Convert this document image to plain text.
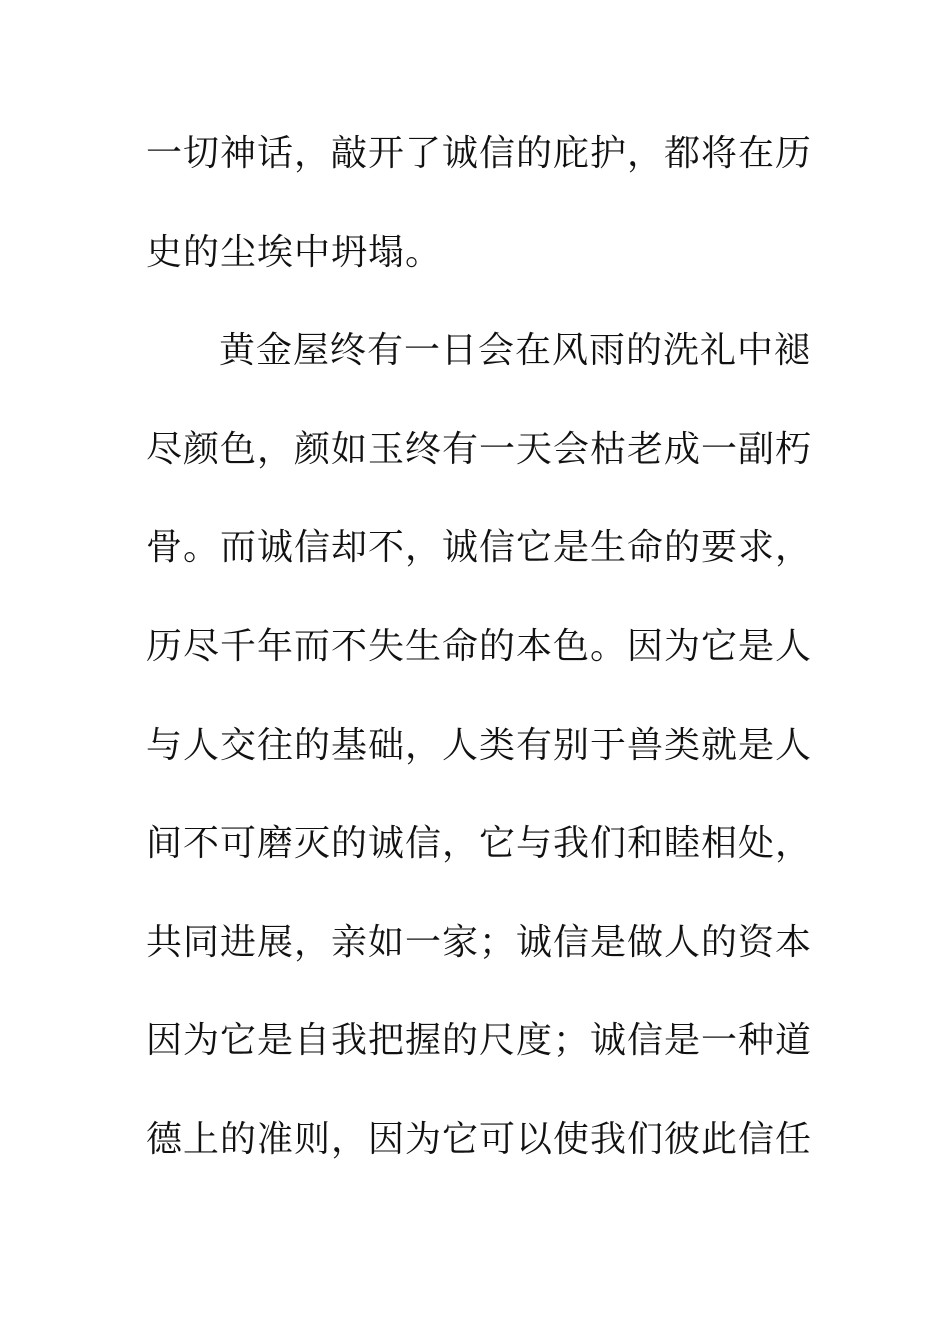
一切神话，敲开了诚信的庇护，都将在历
史的尘埃中坍塌。
黄金屋终有一日会在风雨的洗礼中褪
尽颜色，颜如玉终有一天会枯老成一副朽
骨。而诚信却不，诚信它是生命的要求，
历尽千年而不失生命的本色。因为它是人
与人交往的基础，人类有别于兽类就是人
间不可磨灭的诚信，它与我们和睦相处，
共同进展，亲如一家；诚信是做人的资本
因为它是自我把握的尺度；诚信是一种道
德上的准则，因为它可以使我们彼此信任
